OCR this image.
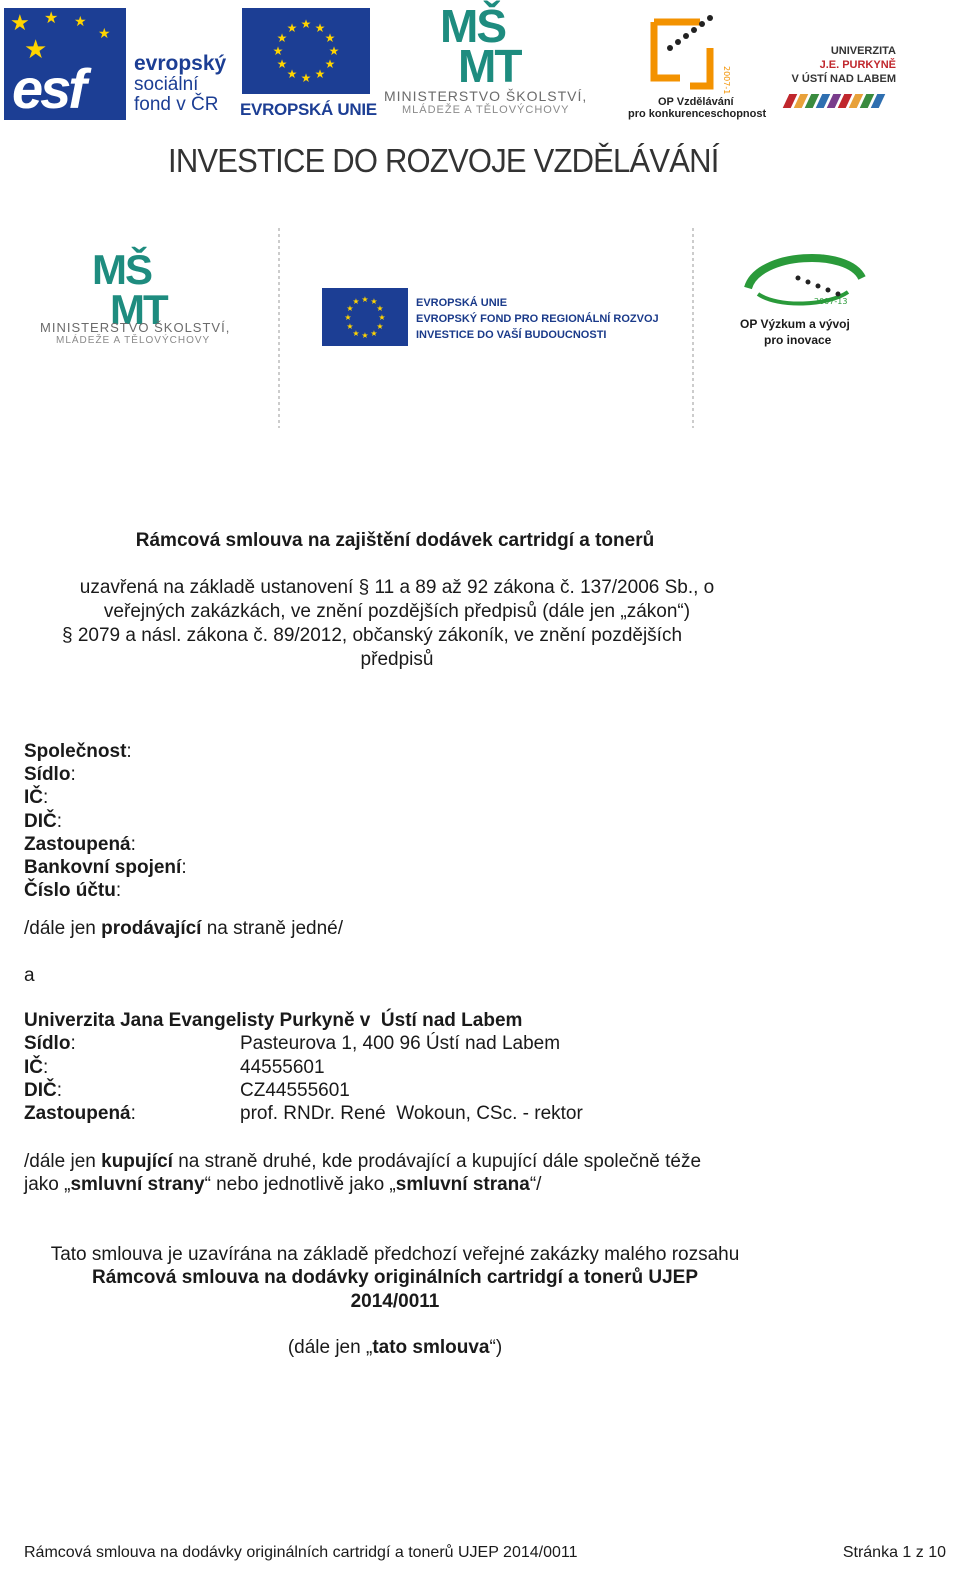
★ ★ ★
★
★
esf evropský
sociální
fond v ČR
★ ★
★
★
★
★
★
★
★
★
★
★
EVROPSKÁ UNIE
MŠ
MT
MINISTERSTVO ŠKOLSTVÍ,
MLÁDEŽE A TĚLOVÝCHOVY
2007-13
OP Vzdělávání
pro konkurenceschopnost
UNIVERZITA
J.E. PURKYNĚ
V ÚSTÍ NAD LABEM
INVESTICE DO ROZVOJE VZDĚLÁVÁNÍ
MŠ
MT
MINISTERSTVO ŠKOLSTVÍ,
MLÁDEŽE A TĚLOVÝCHOVY
★ ★
★
★
★
★
★
★
★
★
★
★	EVROPSKÁ UNIE
EVROPSKÝ FOND PRO REGIONÁLNÍ ROZVOJ
INVESTICE DO VAŠÍ BUDOUCNOSTI
2007-13
OP Výzkum a vývoj
pro inovace
Rámcová smlouva na zajištění dodávek cartridgí a tonerů
uzavřená na základě ustanovení § 11 a 89 až 92 zákona č. 137/2006 Sb., o
veřejných zakázkách, ve znění pozdějších předpisů (dále jen „zákon“)
§ 2079 a násl. zákona č. 89/2012, občanský zákoník, ve znění pozdějších
předpisů
Společnost:
Sídlo:
IČ:
DIČ:
Zastoupená:
Bankovní spojení:
Číslo účtu:
/dále jen prodávající na straně jedné/
a
Univerzita Jana Evangelisty Purkyně v  Ústí nad Labem
Sídlo:	Pasteurova 1, 400 96 Ústí nad Labem
IČ:	44555601
DIČ:	CZ44555601
Zastoupená:	prof. RNDr. René  Wokoun, CSc. - rektor
/dále jen kupující na straně druhé, kde prodávající a kupující dále společně téže
jako „smluvní strany“ nebo jednotlivě jako „smluvní strana“/
Tato smlouva je uzavírána na základě předchozí veřejné zakázky malého rozsahu
Rámcová smlouva na dodávky originálních cartridgí a tonerů UJEP
2014/0011
(dále jen „tato smlouva“)
Rámcová smlouva na dodávky originálních cartridgí a tonerů UJEP 2014/0011	Stránka 1 z 10
